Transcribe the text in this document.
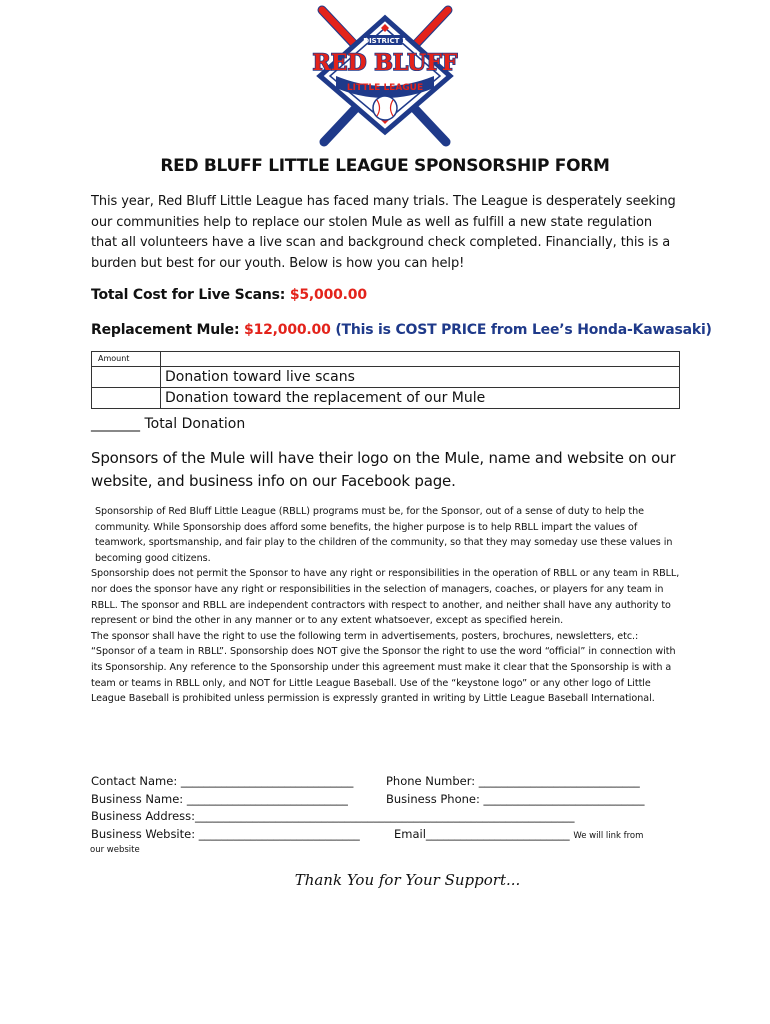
DISTRICT 1
RED BLUFF
LITTLE LEAGUE
RED BLUFF LITTLE LEAGUE SPONSORSHIP FORM

This year, Red Bluff Little League has faced many trials. The League is desperately seeking our communities help to replace our stolen Mule as well as fulfill a new state regulation that all volunteers have a live scan and background check completed. Financially, this is a burden but best for our youth. Below is how you can help!

Total Cost for Live Scans: $5,000.00
Replacement Mule: $12,000.00 (This is COST PRICE from Lee’s Honda-Kawasaki)
Amount	
	Donation toward live scans
	Donation toward the replacement of our Mule
_______ Total Donation

Sponsors of the Mule will have their logo on the Mule, name and website on our website, and business info on our Facebook page.

Sponsorship of Red Bluff Little League (RBLL) programs must be, for the Sponsor, out of a sense of duty to help the community. While Sponsorship does afford some benefits, the higher purpose is to help RBLL impart the values of teamwork, sportsmanship, and fair play to the children of the community, so that they may someday use these values in becoming good citizens.

Sponsorship does not permit the Sponsor to have any right or responsibilities in the operation of RBLL or any team in RBLL, nor does the sponsor have any right or responsibilities in the selection of managers, coaches, or players for any team in RBLL. The sponsor and RBLL are independent contractors with respect to another, and neither shall have any authority to represent or bind the other in any manner or to any extent whatsoever, except as specified herein.

The sponsor shall have the right to use the following term in advertisements, posters, brochures, newsletters, etc.: “Sponsor of a team in RBLL”. Sponsorship does NOT give the Sponsor the right to use the word “official” in connection with its Sponsorship. Any reference to the Sponsorship under this agreement must make it clear that the Sponsorship is with a team or teams in RBLL only, and NOT for Little League Baseball. Use of the “keystone logo” or any other logo of Little League Baseball is prohibited unless permission is expressly granted in writing by Little League Baseball International.

Contact Name: ______________________________	Phone Number: ____________________________
Business Name: ____________________________	Business Phone: ____________________________
Business Address:__________________________________________________________________
Business Website: ____________________________	Email_________________________ We will link from
our website
Thank You for Your Support...
